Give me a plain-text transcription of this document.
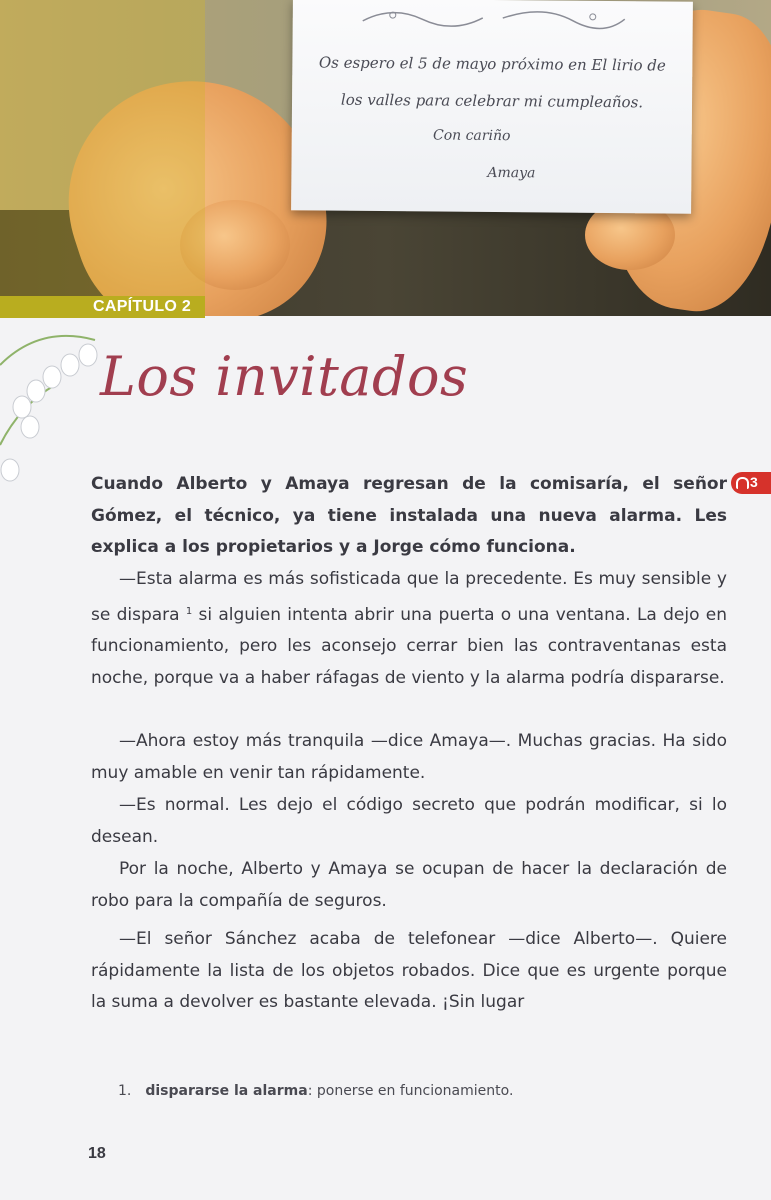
Os espero el 5 de mayo próximo en El lirio de
los valles para celebrar mi cumpleaños.
Con cariño
Amaya
CAPÍTULO 2
Los invitados
3
Cuando Alberto y Amaya regresan de la comisaría, el señor Gómez, el técnico, ya tiene instalada una nueva alarma. Les explica a los propietarios y a Jorge cómo funciona.
—Esta alarma es más sofisticada que la precedente. Es muy sensible y se dispara $^1$ si alguien intenta abrir una puerta o una ventana. La dejo en funcionamiento, pero les aconsejo cerrar bien las contraventanas esta noche, porque va a haber ráfagas de viento y la alarma podría dispararse.
—Ahora estoy más tranquila —dice Amaya—. Muchas gracias. Ha sido muy amable en venir tan rápidamente.
—Es normal. Les dejo el código secreto que podrán modificar, si lo desean.
Por la noche, Alberto y Amaya se ocupan de hacer la declaración de robo para la compañía de seguros.
—El señor Sánchez acaba de telefonear —dice Alberto—. Quiere rápidamente la lista de los objetos robados. Dice que es urgente porque la suma a devolver es bastante elevada. ¡Sin lugar
1. dispararse la alarma: ponerse en funcionamiento.
18
